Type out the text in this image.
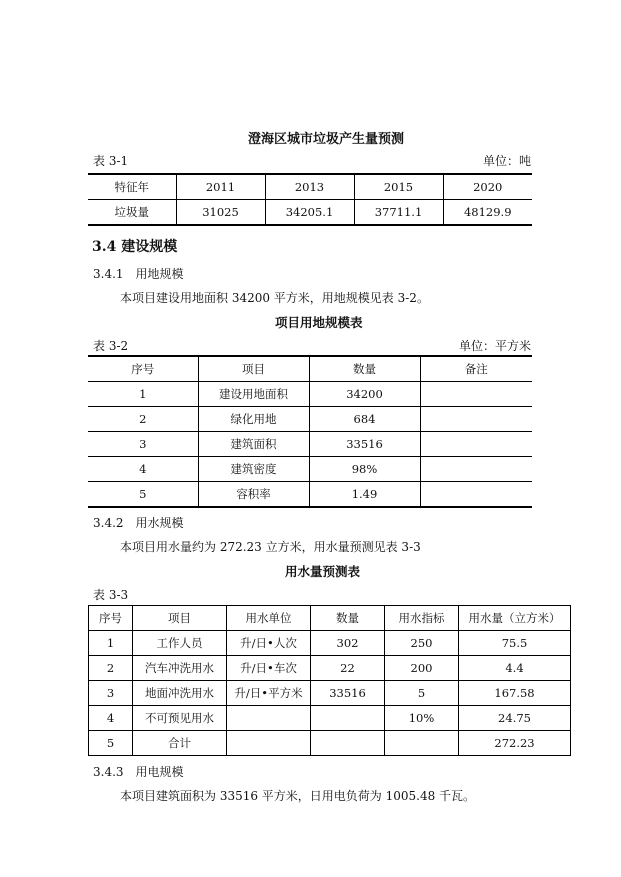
澄海区城市垃圾产生量预测
表 3-1	单位：吨
特征年	2011	2013	2015	2020
垃圾量	31025	34205.1	37711.1	48129.9
3.4 建设规模
3.4.1　用地规模
本项目建设用地面积 34200 平方米，用地规模见表 3-2。
项目用地规模表
表 3-2	单位：平方米
序号	项目	数量	备注
1	建设用地面积	34200	
2	绿化用地	684	
3	建筑面积	33516	
4	建筑密度	98%	
5	容积率	1.49	
3.4.2　用水规模
本项目用水量约为 272.23 立方米，用水量预测见表 3-3
用水量预测表
表 3-3
序号	项目	用水单位	数量	用水指标	用水量（立方米）
1	工作人员	升/日•人次	302	250	75.5
2	汽车冲洗用水	升/日•车次	22	200	4.4
3	地面冲洗用水	升/日•平方米	33516	5	167.58
4	不可预见用水			10%	24.75
5	合计				272.23
3.4.3　用电规模
本项目建筑面积为 33516 平方米，日用电负荷为 1005.48 千瓦。
